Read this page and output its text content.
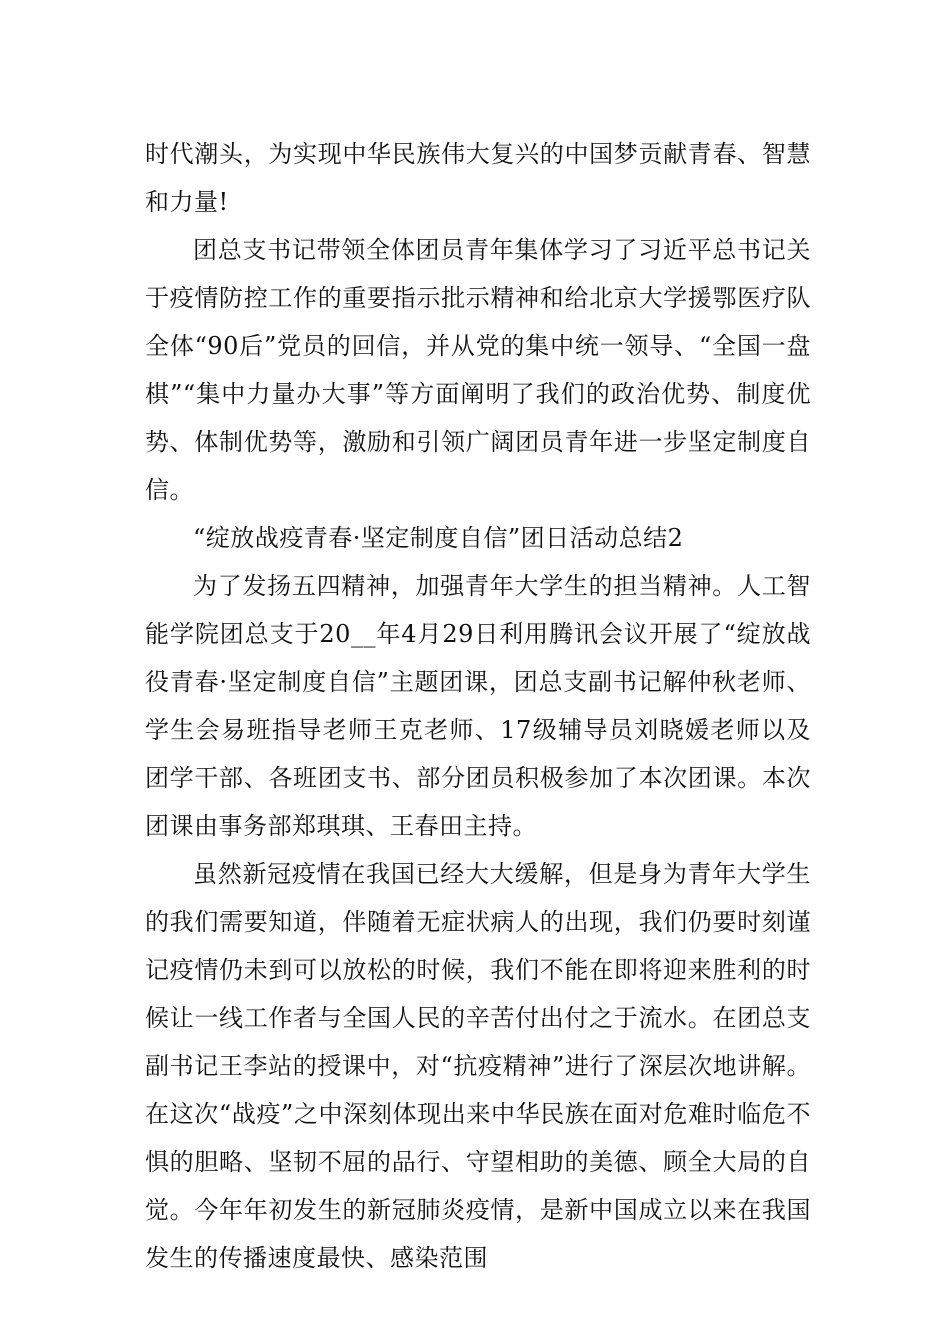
时代潮头，为实现中华民族伟大复兴的中国梦贡献青春、智慧和力量!

团总支书记带领全体团员青年集体学习了习近平总书记关于疫情防控工作的重要指示批示精神和给北京大学援鄂医疗队全体“90后”党员的回信，并从党的集中统一领导、“全国一盘棋”“集中力量办大事”等方面阐明了我们的政治优势、制度优势、体制优势等，激励和引领广阔团员青年进一步坚定制度自信。

“绽放战疫青春·坚定制度自信”团日活动总结2

为了发扬五四精神，加强青年大学生的担当精神。人工智能学院团总支于20__年4月29日利用腾讯会议开展了“绽放战役青春·坚定制度自信”主题团课，团总支副书记解仲秋老师、学生会易班指导老师王克老师、17级辅导员刘晓媛老师以及团学干部、各班团支书、部分团员积极参加了本次团课。本次团课由事务部郑琪琪、王春田主持。

虽然新冠疫情在我国已经大大缓解，但是身为青年大学生的我们需要知道，伴随着无症状病人的出现，我们仍要时刻谨记疫情仍未到可以放松的时候，我们不能在即将迎来胜利的时候让一线工作者与全国人民的辛苦付出付之于流水。在团总支副书记王李站的授课中，对“抗疫精神”进行了深层次地讲解。在这次“战疫”之中深刻体现出来中华民族在面对危难时临危不惧的胆略、坚韧不屈的品行、守望相助的美德、顾全大局的自觉。今年年初发生的新冠肺炎疫情，是新中国成立以来在我国发生的传播速度最快、感染范围
